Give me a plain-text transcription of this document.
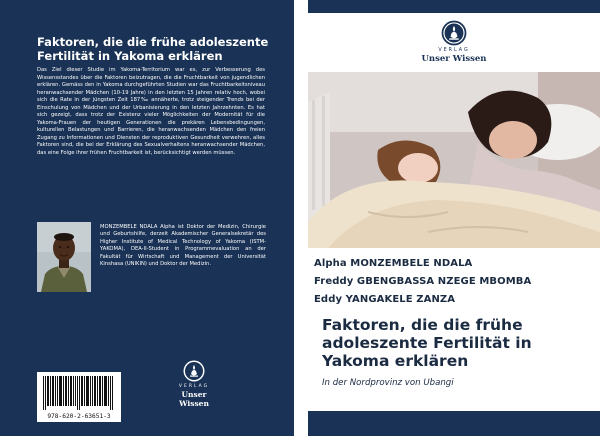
Faktoren, die die frühe adoleszente Fertilität in Yakoma erklären

Das Ziel dieser Studie im Yakoma-Territorium war es, zur Verbesserung des Wissensstandes über die Faktoren beizutragen, die die Fruchtbarkeit von jugendlichen erklären. Gemäss den in Yakoma durchgeführten Studien war das Fruchtbarkeitsniveau heranwachsender Mädchen (10-19 Jahre) in den letzten 15 Jahren relativ hoch, wobei sich die Rate in der jüngsten Zeit 187‰ annäherte, trotz steigender Trends bei der Einschulung von Mädchen und der Urbanisierung in den letzten Jahrzehnten. Es hat sich gezeigt, dass trotz der Existenz vieler Möglichkeiten der Modernität für die Yakoma-Frauen der heutigen Generationen die prekären Lebensbedingungen, kulturellen Belastungen und Barrieren, die heranwachsenden Mädchen den freien Zugang zu Informationen und Diensten der reproduktiven Gesundheit verwehren, alles Faktoren sind, die bei der Erklärung des Sexualverhaltens heranwachsender Mädchen, das eine Folge ihrer frühen Fruchtbarkeit ist, berücksichtigt werden müssen.

MONZEMBELE NDALA Alpha ist Doktor der Medizin, Chirurgie und Geburtshilfe, derzeit Akademischer Generalsekretär des Higher Institute of Medical Technology of Yakoma (ISTM-YAKOMA), DEA-II-Student in Programmevaluation an der Fakultät für Wirtschaft und Management der Universität Kinshasa (UNIKIN) und Doktor der Medizin.

VERLAG
Unser Wissen
978-620-2-63651-3
VERLAG
Unser Wissen
Alpha MONZEMBELE NDALA
Freddy GBENGBASSA NZEGE MBOMBA
Eddy YANGAKELE ZANZA
Faktoren, die die frühe adoleszente Fertilität in Yakoma erklären

In der Nordprovinz von Ubangi
